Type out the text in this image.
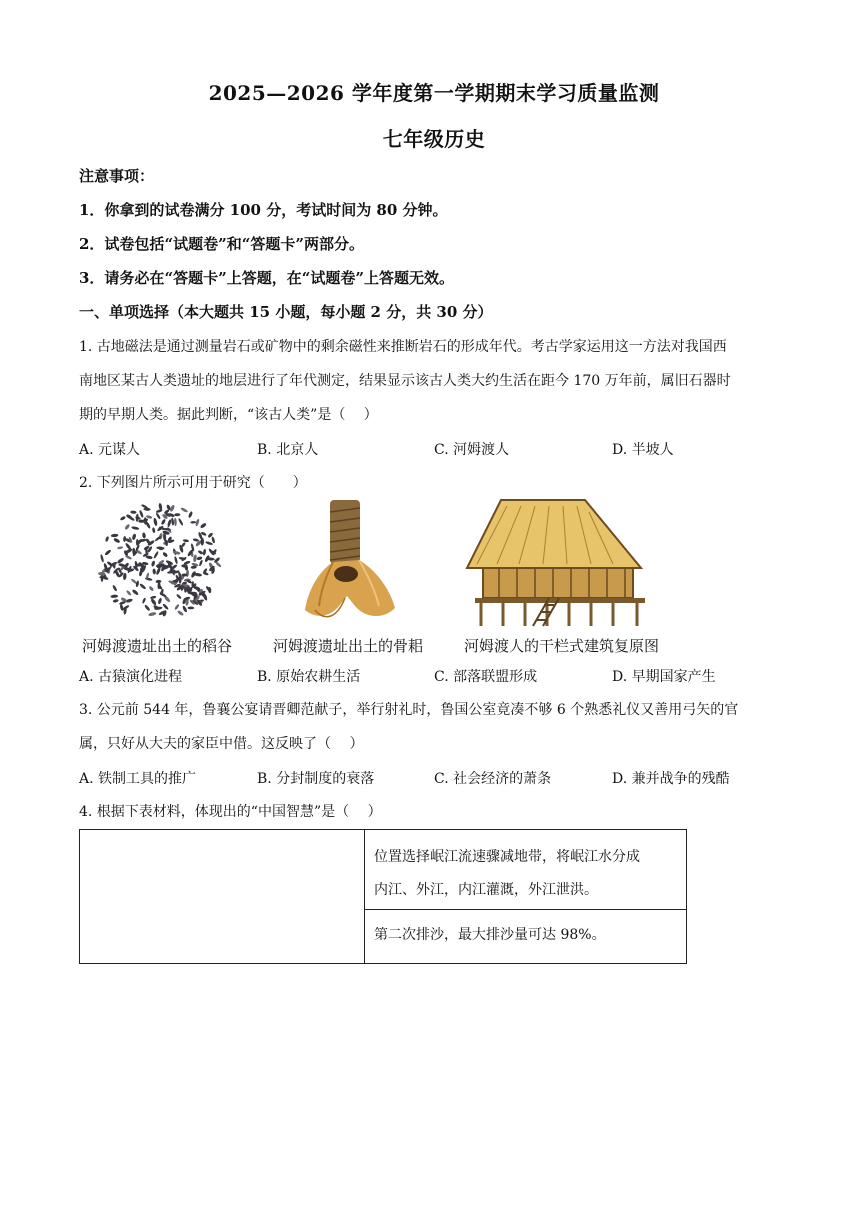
2025—2026 学年度第一学期期末学习质量监测
七年级历史
注意事项：
1．你拿到的试卷满分 100 分，考试时间为 80 分钟。
2．试卷包括“试题卷”和“答题卡”两部分。
3．请务必在“答题卡”上答题，在“试题卷”上答题无效。
一、单项选择（本大题共 15 小题，每小题 2 分，共 30 分）
1. 古地磁法是通过测量岩石或矿物中的剩余磁性来推断岩石的形成年代。考古学家运用这一方法对我国西
南地区某古人类遗址的地层进行了年代测定，结果显示该古人类大约生活在距今 170 万年前，属旧石器时
期的早期人类。据此判断，“该古人类”是（　 ）
A. 元谋人	B. 北京人	C. 河姆渡人	D. 半坡人
2. 下列图片所示可用于研究（　　）
河姆渡遗址出土的稻谷	河姆渡遗址出土的骨耜	河姆渡人的干栏式建筑复原图
A. 古猿演化进程	B. 原始农耕生活	C. 部落联盟形成	D. 早期国家产生
3. 公元前 544 年，鲁襄公宴请晋卿范献子，举行射礼时，鲁国公室竟凑不够 6 个熟悉礼仪又善用弓矢的官
属，只好从大夫的家臣中借。这反映了（　 ）
A. 铁制工具的推广	B. 分封制度的衰落	C. 社会经济的萧条	D. 兼并战争的残酷
4. 根据下表材料，体现出的“中国智慧”是（　 ）

位置选择岷江流速骤减地带，将岷江水分成
内江、外江，内江灌溉，外江泄洪。

第二次排沙，最大排沙量可达 98%。
